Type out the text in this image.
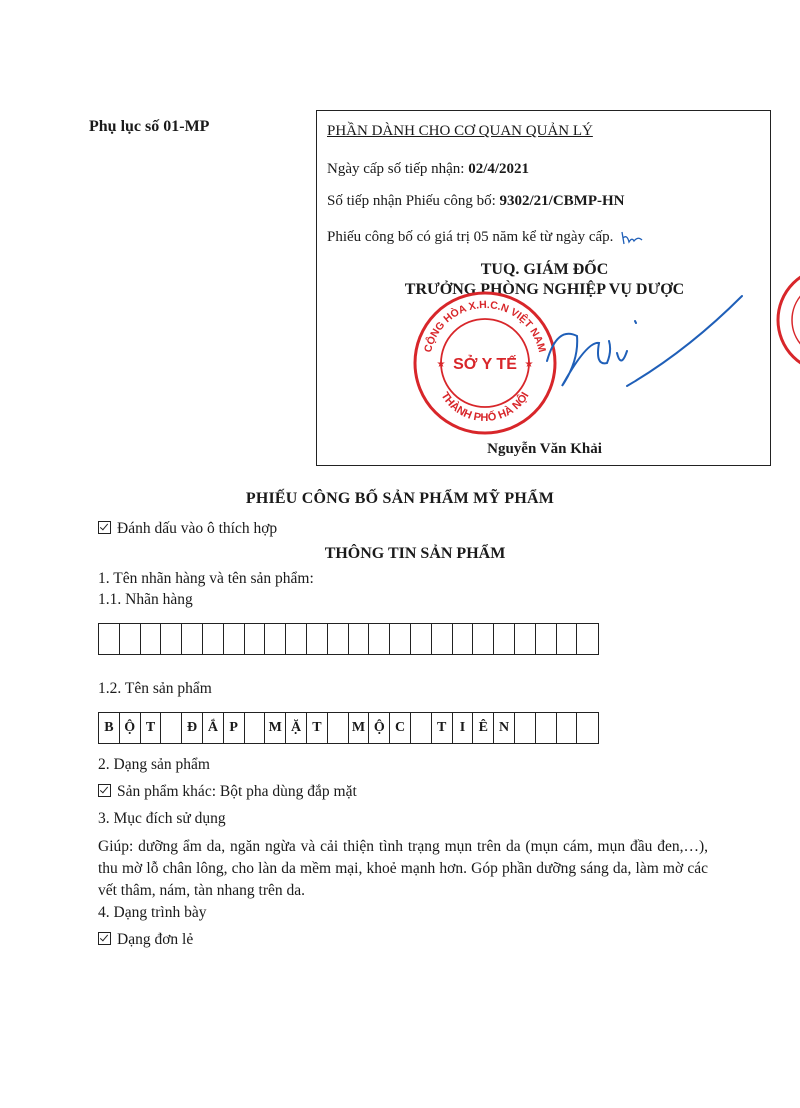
Phụ lục số 01-MP	PHẦN DÀNH CHO CƠ QUAN QUẢN LÝ
Ngày cấp số tiếp nhận: 02/4/2021
Số tiếp nhận Phiếu công bố: 9302/21/CBMP-HN
Phiếu công bố có giá trị 05 năm kể từ ngày cấp.
TUQ. GIÁM ĐỐC
TRƯỞNG PHÒNG NGHIỆP VỤ DƯỢC
CỘNG HÒA X.H.C.N VIỆT NAM
THÀNH PHỐ HÀ NỘI
SỞ Y TẾ
★	★
Nguyễn Văn Khải
PHIẾU CÔNG BỐ SẢN PHẨM MỸ PHẨM
Đánh dấu vào ô thích hợp
THÔNG TIN SẢN PHẨM
1. Tên nhãn hàng và tên sản phẩm:
1.1. Nhãn hàng
1.2. Tên sản phẩm
B Ộ T	Đ Ắ P	M Ặ T	M Ộ C	T I Ê N
2. Dạng sản phẩm
Sản phẩm khác: Bột pha dùng đắp mặt
3. Mục đích sử dụng
Giúp: dưỡng ẩm da, ngăn ngừa và cải thiện tình trạng mụn trên da (mụn cám, mụn đầu đen,…), thu mờ lỗ chân lông, cho làn da mềm mại, khoẻ mạnh hơn. Góp phần dưỡng sáng da, làm mờ các vết thâm, nám, tàn nhang trên da.
4. Dạng trình bày
Dạng đơn lẻ
